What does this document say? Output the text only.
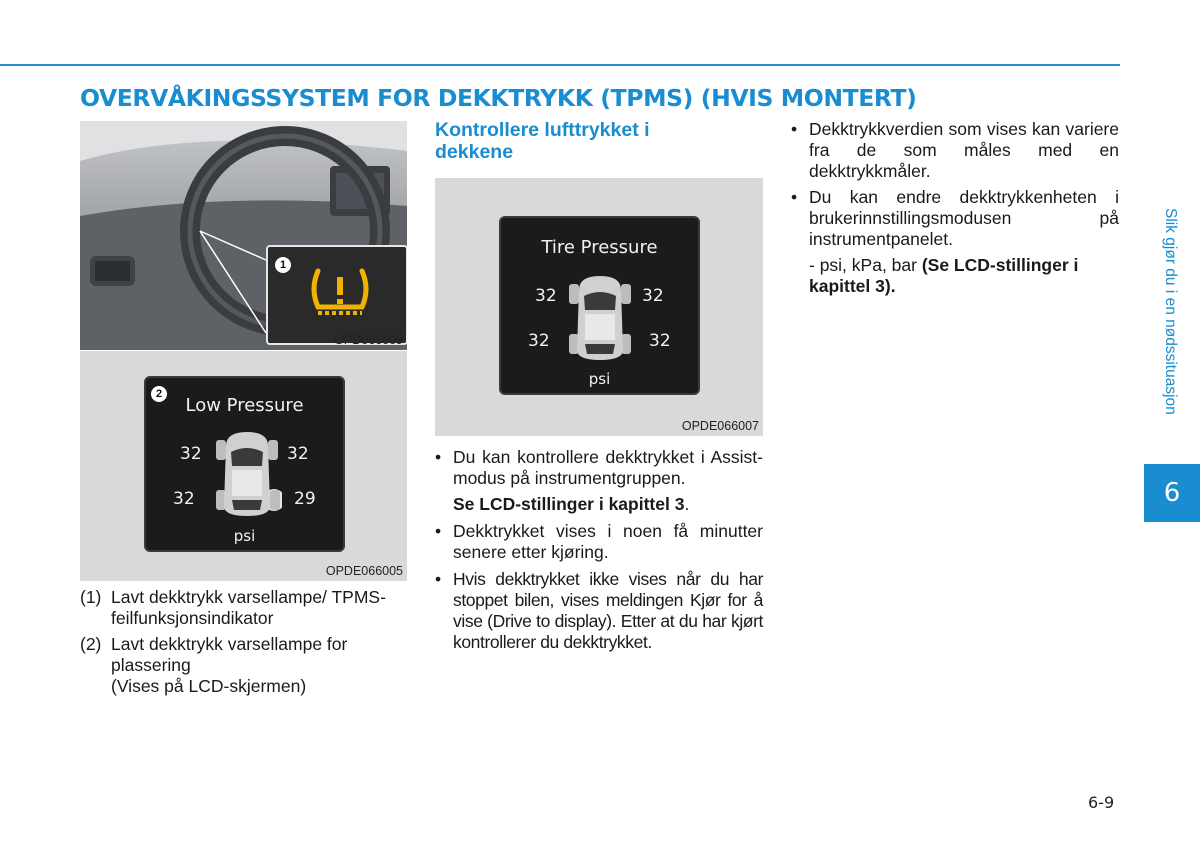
OVERVÅKINGSSYSTEM FOR DEKKTRYKK (TPMS) (HVIS MONTERT)
1
OPD066009
2
Low Pressure
32	32
32	29
psi
OPDE066005

(1) Lavt dekktrykk varsellampe/ TPMS-feilfunksjonsindikator

(2) Lavt dekktrykk varsellampe for plassering
(Vises på LCD-skjermen)

Kontrollere lufttrykket i
dekkene
Tire Pressure
32	32
32	32
psi
OPDE066007

• Du kan kontrollere dekktrykket i Assist-modus på instrumentgruppen.

Se LCD-stillinger i kapittel 3.

• Dekktrykket vises i noen få minutter senere etter kjøring.

• Hvis dekktrykket ikke vises når du har stoppet bilen, vises meldingen Kjør for å vise (Drive to display). Etter at du har kjørt kontrollerer du dekktrykket.

• Dekktrykkverdien som vises kan variere fra de som måles med en dekktrykkmåler.

• Du kan endre dekktrykkenheten i brukerinnstillingsmodusen på instrumentpanelet.

- psi, kPa, bar (Se LCD-stillinger i kapittel 3).	Slik gjør du i en nødssituasjon
6
6-9
